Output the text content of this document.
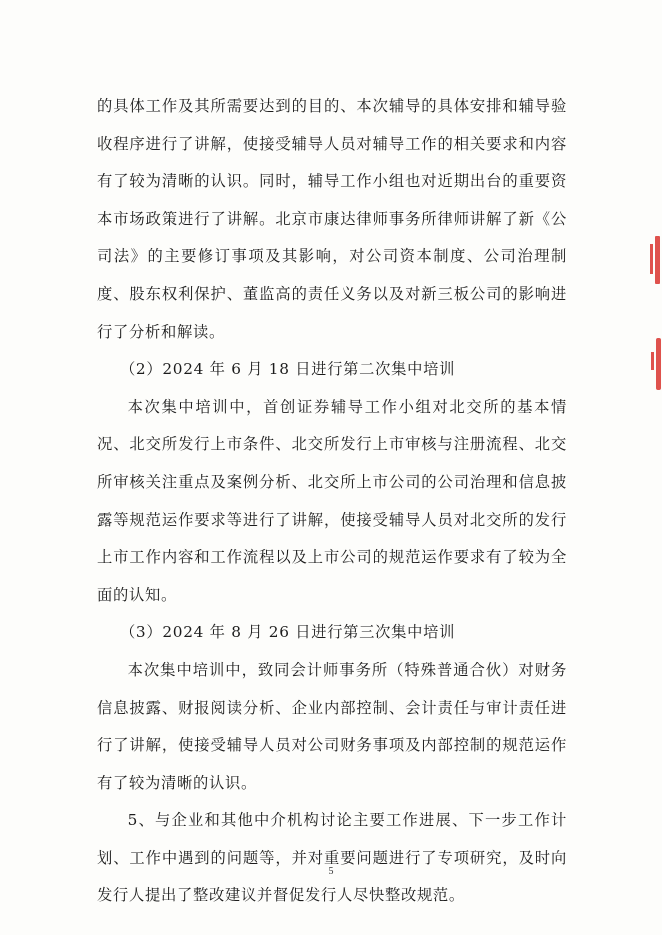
的具体工作及其所需要达到的目的、本次辅导的具体安排和辅导验收程序进行了讲解，使接受辅导人员对辅导工作的相关要求和内容有了较为清晰的认识。同时，辅导工作小组也对近期出台的重要资本市场政策进行了讲解。北京市康达律师事务所律师讲解了新《公司法》的主要修订事项及其影响，对公司资本制度、公司治理制度、股东权利保护、董监高的责任义务以及对新三板公司的影响进行了分析和解读。

（2）2024 年 6 月 18 日进行第二次集中培训

本次集中培训中，首创证券辅导工作小组对北交所的基本情况、北交所发行上市条件、北交所发行上市审核与注册流程、北交所审核关注重点及案例分析、北交所上市公司的公司治理和信息披露等规范运作要求等进行了讲解，使接受辅导人员对北交所的发行上市工作内容和工作流程以及上市公司的规范运作要求有了较为全面的认知。

（3）2024 年 8 月 26 日进行第三次集中培训

本次集中培训中，致同会计师事务所（特殊普通合伙）对财务信息披露、财报阅读分析、企业内部控制、会计责任与审计责任进行了讲解，使接受辅导人员对公司财务事项及内部控制的规范运作有了较为清晰的认识。

5、与企业和其他中介机构讨论主要工作进展、下一步工作计划、工作中遇到的问题等，并对重要问题进行了专项研究，及时向发行人提出了整改建议并督促发行人尽快整改规范。

5
